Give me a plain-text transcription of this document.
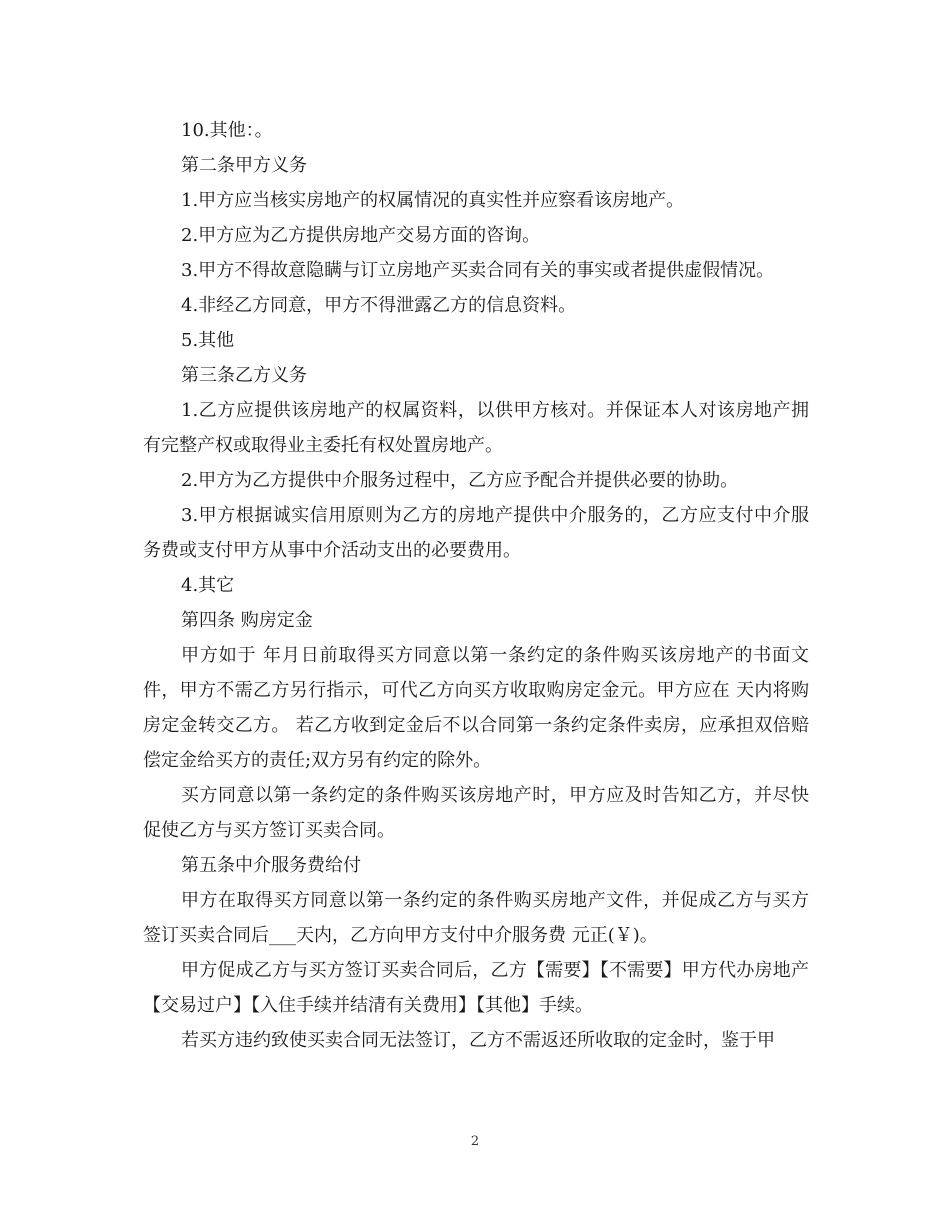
10.其他：。

第二条甲方义务

1.甲方应当核实房地产的权属情况的真实性并应察看该房地产。

2.甲方应为乙方提供房地产交易方面的咨询。

3.甲方不得故意隐瞒与订立房地产买卖合同有关的事实或者提供虚假情况。

4.非经乙方同意，甲方不得泄露乙方的信息资料。

5.其他

第三条乙方义务

1.乙方应提供该房地产的权属资料，以供甲方核对。并保证本人对该房地产拥有完整产权或取得业主委托有权处置房地产。

2.甲方为乙方提供中介服务过程中，乙方应予配合并提供必要的协助。

3.甲方根据诚实信用原则为乙方的房地产提供中介服务的，乙方应支付中介服务费或支付甲方从事中介活动支出的必要费用。

4.其它

第四条 购房定金

甲方如于 年月日前取得买方同意以第一条约定的条件购买该房地产的书面文件，甲方不需乙方另行指示，可代乙方向买方收取购房定金元。甲方应在 天内将购房定金转交乙方。 若乙方收到定金后不以合同第一条约定条件卖房，应承担双倍赔偿定金给买方的责任;双方另有约定的除外。

买方同意以第一条约定的条件购买该房地产时，甲方应及时告知乙方，并尽快促使乙方与买方签订买卖合同。

第五条中介服务费给付

甲方在取得买方同意以第一条约定的条件购买房地产文件，并促成乙方与买方签订买卖合同后___天内，乙方向甲方支付中介服务费 元正(￥)。

甲方促成乙方与买方签订买卖合同后，乙方【需要】【不需要】甲方代办房地产【交易过户】【入住手续并结清有关费用】【其他】手续。

若买方违约致使买卖合同无法签订，乙方不需返还所收取的定金时，鉴于甲

2
